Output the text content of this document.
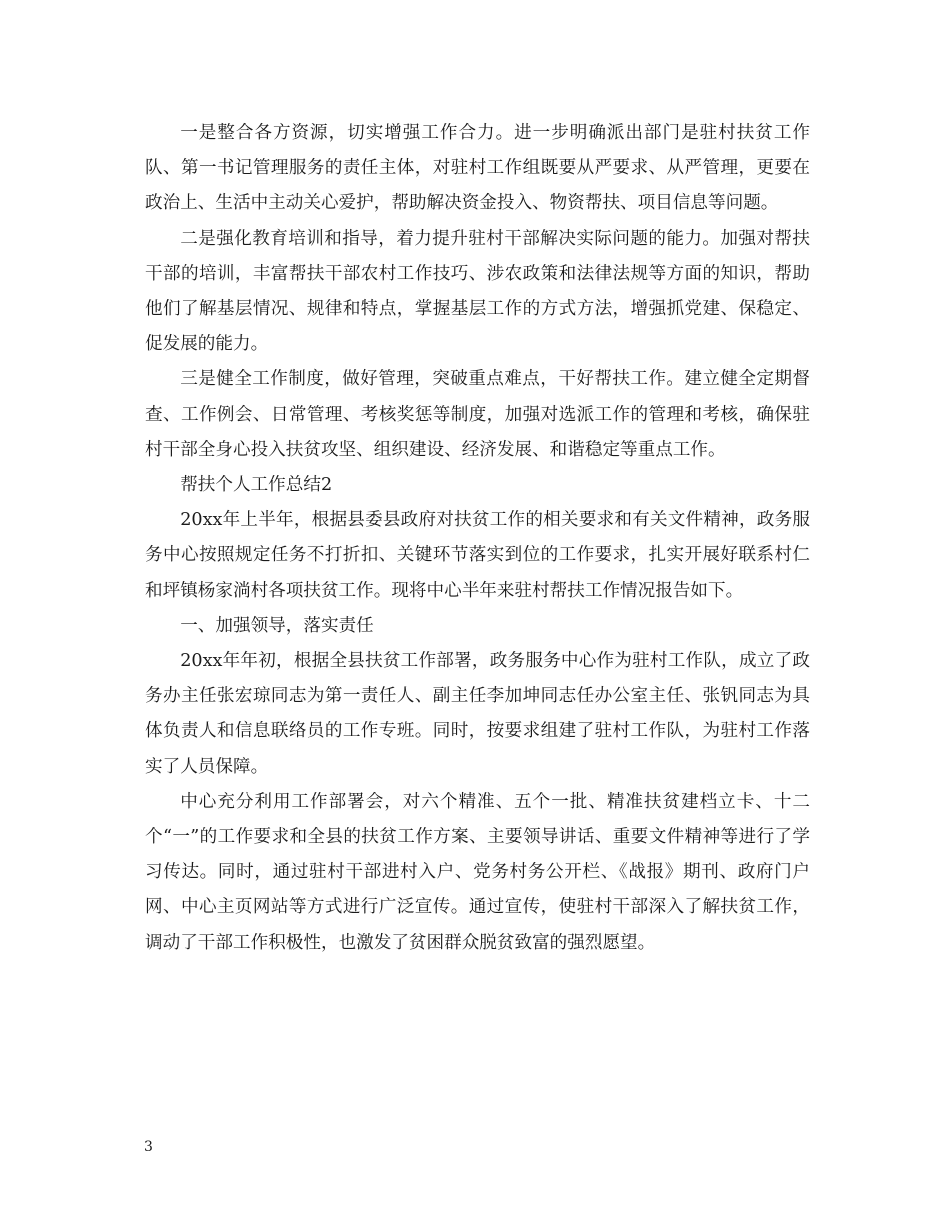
一是整合各方资源，切实增强工作合力。进一步明确派出部门是驻村扶贫工作队、第一书记管理服务的责任主体，对驻村工作组既要从严要求、从严管理，更要在政治上、生活中主动关心爱护，帮助解决资金投入、物资帮扶、项目信息等问题。

二是强化教育培训和指导，着力提升驻村干部解决实际问题的能力。加强对帮扶干部的培训，丰富帮扶干部农村工作技巧、涉农政策和法律法规等方面的知识，帮助他们了解基层情况、规律和特点，掌握基层工作的方式方法，增强抓党建、保稳定、促发展的能力。

三是健全工作制度，做好管理，突破重点难点，干好帮扶工作。建立健全定期督查、工作例会、日常管理、考核奖惩等制度，加强对选派工作的管理和考核，确保驻村干部全身心投入扶贫攻坚、组织建设、经济发展、和谐稳定等重点工作。

帮扶个人工作总结2

20xx年上半年，根据县委县政府对扶贫工作的相关要求和有关文件精神，政务服务中心按照规定任务不打折扣、关键环节落实到位的工作要求，扎实开展好联系村仁和坪镇杨家淌村各项扶贫工作。现将中心半年来驻村帮扶工作情况报告如下。

一、加强领导，落实责任

20xx年年初，根据全县扶贫工作部署，政务服务中心作为驻村工作队，成立了政务办主任张宏琼同志为第一责任人、副主任李加坤同志任办公室主任、张钒同志为具体负责人和信息联络员的工作专班。同时，按要求组建了驻村工作队，为驻村工作落实了人员保障。

中心充分利用工作部署会，对六个精准、五个一批、精准扶贫建档立卡、十二个“一”的工作要求和全县的扶贫工作方案、主要领导讲话、重要文件精神等进行了学习传达。同时，通过驻村干部进村入户、党务村务公开栏、《战报》期刊、政府门户网、中心主页网站等方式进行广泛宣传。通过宣传，使驻村干部深入了解扶贫工作，调动了干部工作积极性，也激发了贫困群众脱贫致富的强烈愿望。

3
